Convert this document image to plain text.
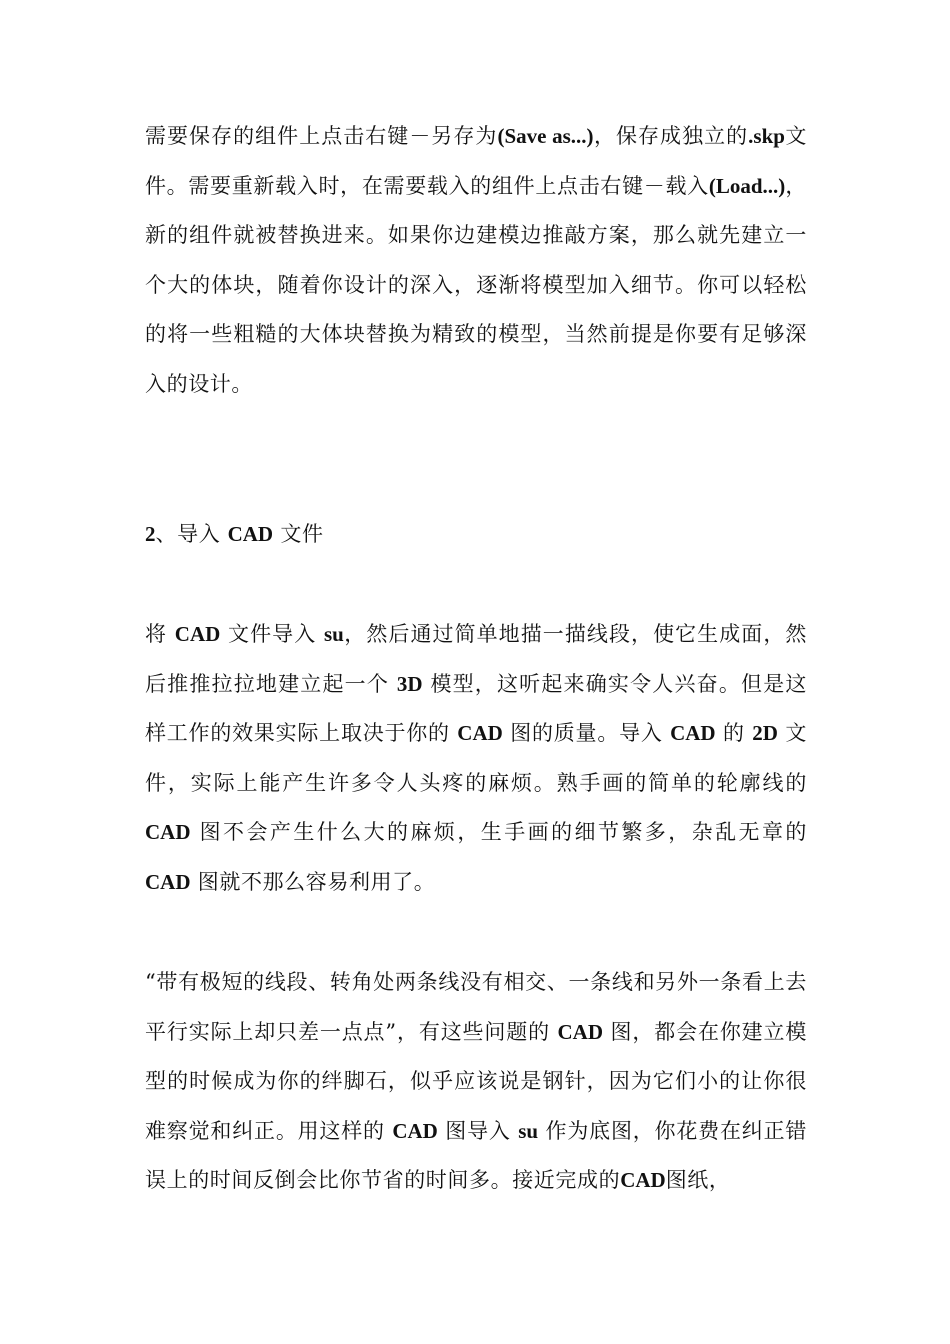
需要保存的组件上点击右键－另存为(Save as...)，保存成独立的.skp文件。需要重新载入时，在需要载入的组件上点击右键－载入(Load...)，新的组件就被替换进来。如果你边建模边推敲方案，那么就先建立一个大的体块，随着你设计的深入，逐渐将模型加入细节。你可以轻松的将一些粗糙的大体块替换为精致的模型，当然前提是你要有足够深入的设计。

2、导入 CAD 文件

将 CAD 文件导入 su，然后通过简单地描一描线段，使它生成面，然后推推拉拉地建立起一个 3D 模型，这听起来确实令人兴奋。但是这样工作的效果实际上取决于你的 CAD 图的质量。导入 CAD 的 2D 文件，实际上能产生许多令人头疼的麻烦。熟手画的简单的轮廓线的 CAD 图不会产生什么大的麻烦，生手画的细节繁多，杂乱无章的 CAD 图就不那么容易利用了。

“带有极短的线段、转角处两条线没有相交、一条线和另外一条看上去平行实际上却只差一点点”，有这些问题的 CAD 图，都会在你建立模型的时候成为你的绊脚石，似乎应该说是钢针，因为它们小的让你很难察觉和纠正。用这样的 CAD 图导入 su 作为底图，你花费在纠正错误上的时间反倒会比你节省的时间多。接近完成的CAD图纸，
